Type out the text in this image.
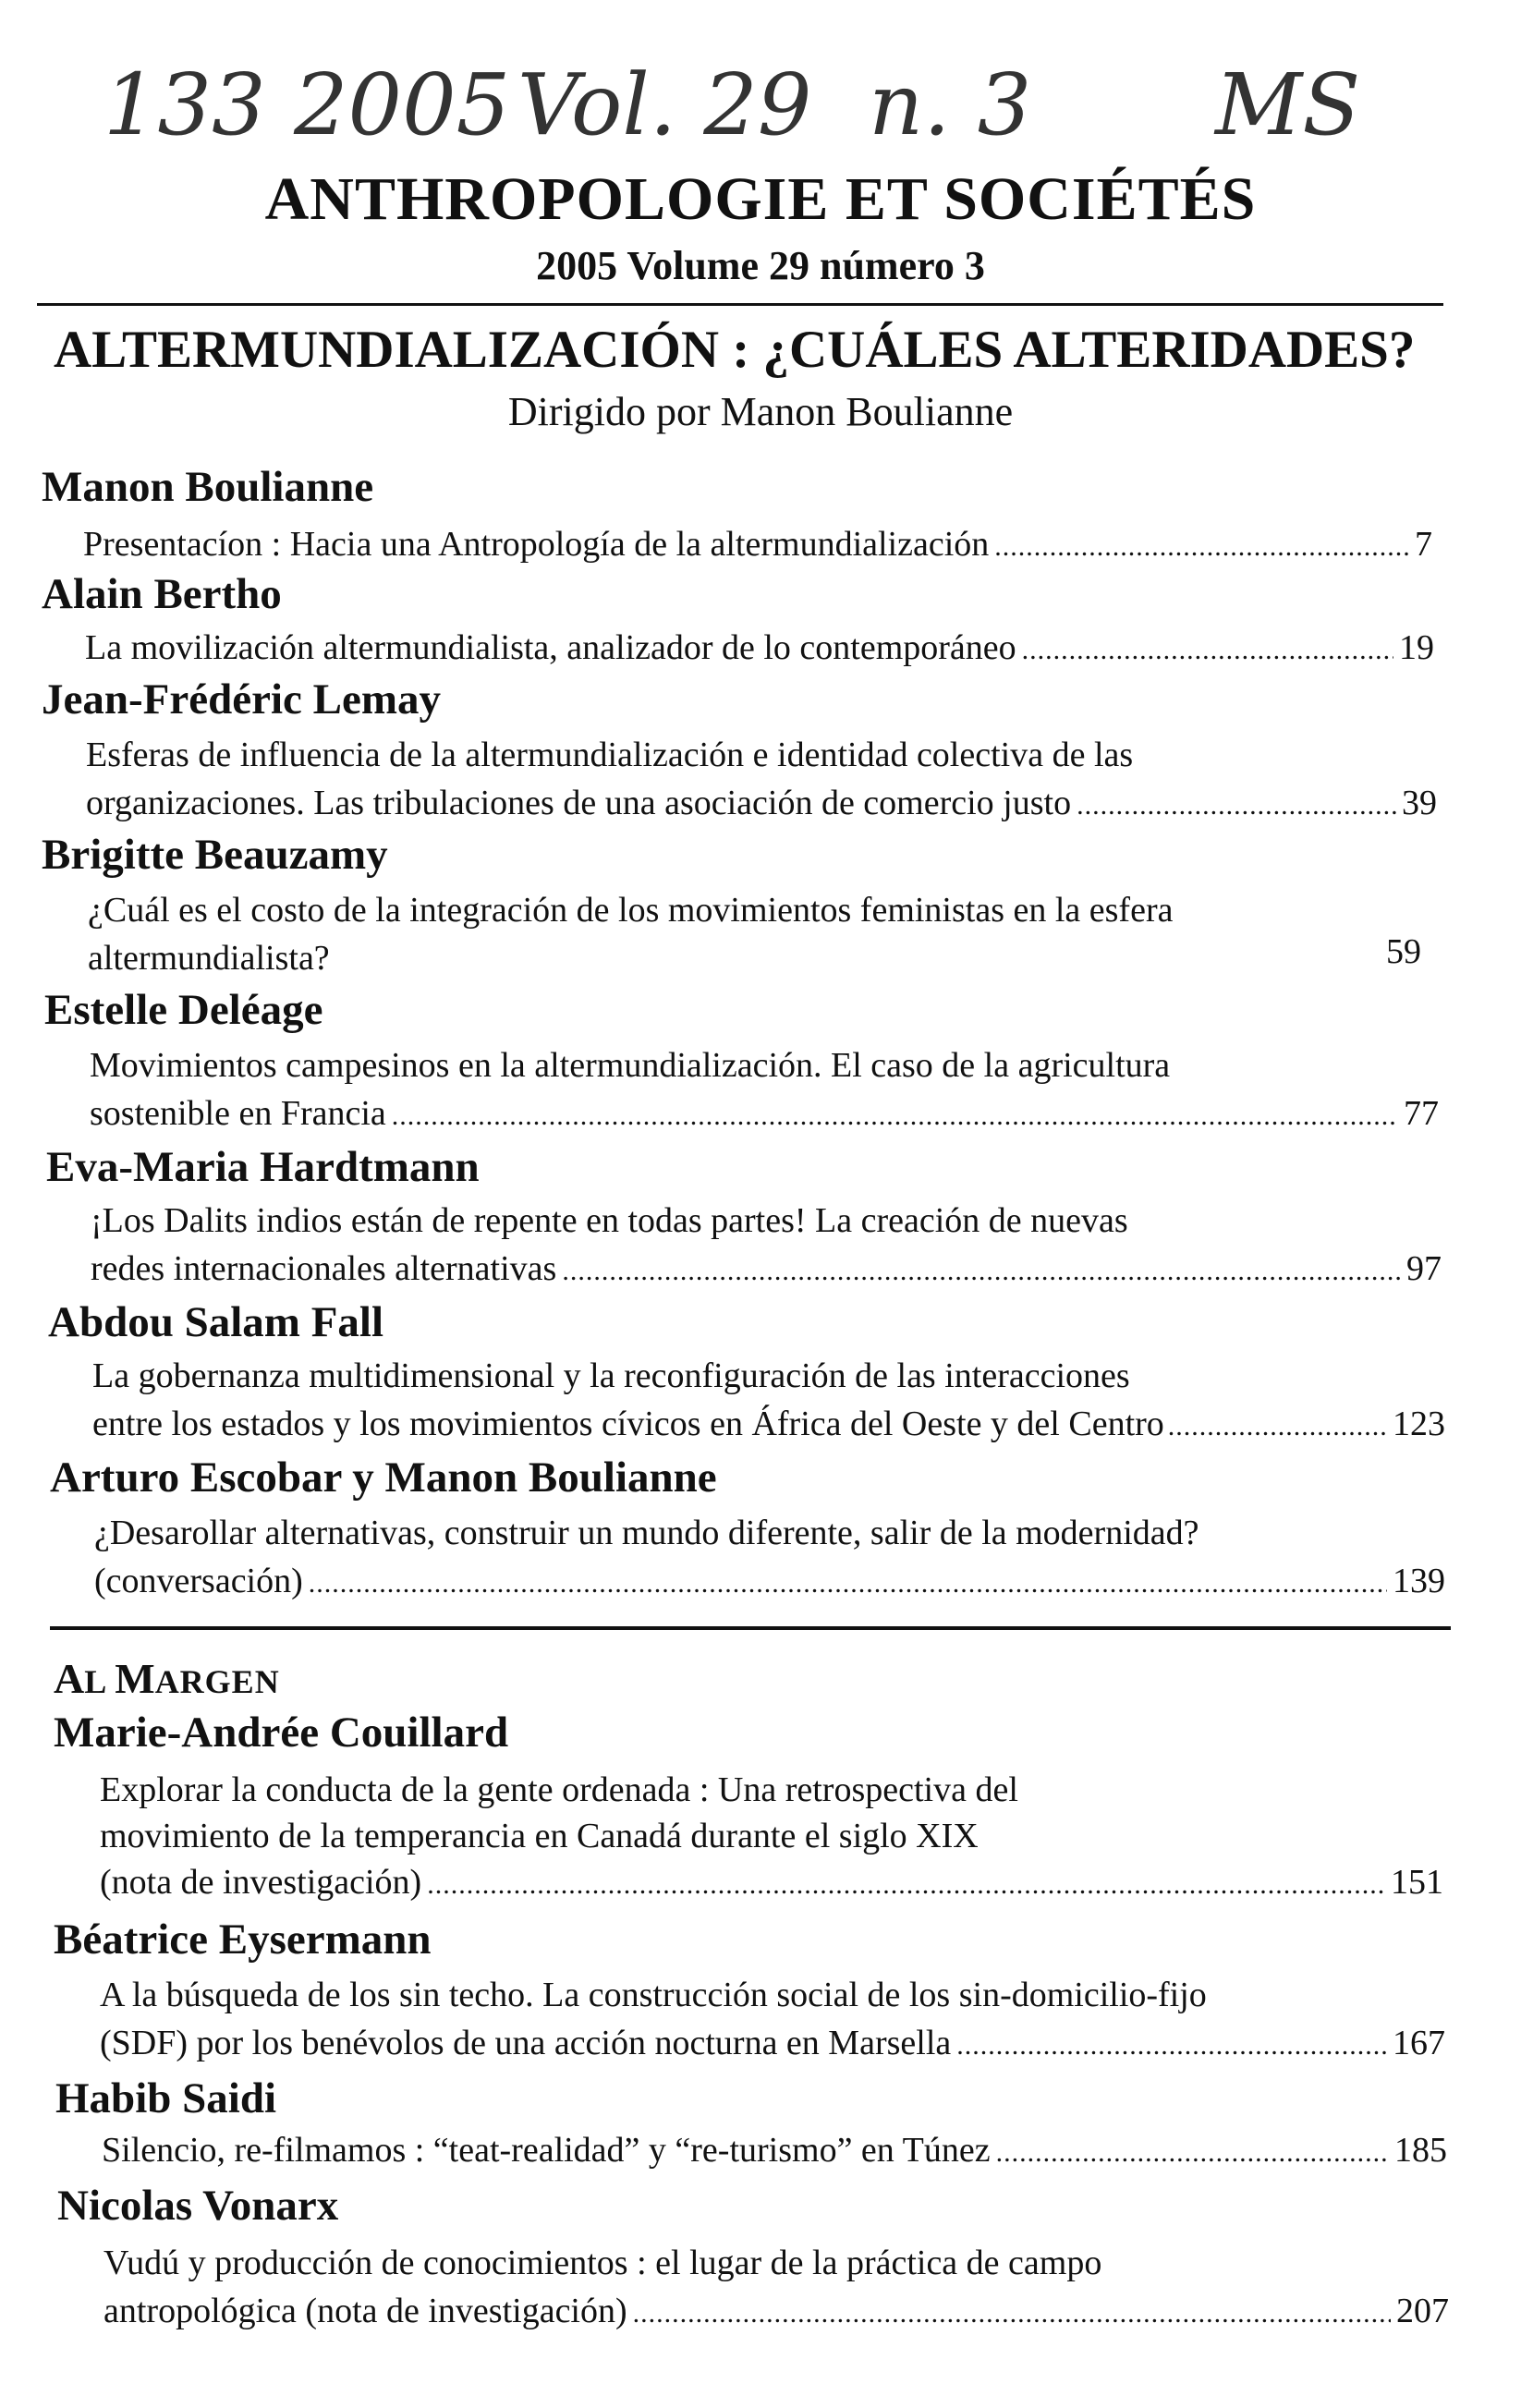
133 2005 Vol. 29 n. 3 MS
ANTHROPOLOGIE ET SOCIÉTÉS
2005 Volume 29 número 3
ALTERMUNDIALIZACIÓN : ¿CUÁLES ALTERIDADES?
Dirigido por Manon Boulianne
Manon Boulianne
Presentacíon : Hacia una Antropología de la altermundialización .....	7
Alain Bertho
La movilización altermundialista, analizador de lo contemporáneo .....	19
Jean-Frédéric Lemay
Esferas de influencia de la altermundialización e identidad colectiva de las
organizaciones. Las tribulaciones de una asociación de comercio justo .....	39
Brigitte Beauzamy
¿Cuál es el costo de la integración de los movimientos feministas en la esfera
altermundialista?	59
Estelle Deléage
Movimientos campesinos en la altermundialización. El caso de la agricultura
sostenible en Francia .....	77
Eva-Maria Hardtmann
¡Los Dalits indios están de repente en todas partes! La creación de nuevas
redes internacionales alternativas .....	97
Abdou Salam Fall
La gobernanza multidimensional y la reconfiguración de las interacciones
entre los estados y los movimientos cívicos en África del Oeste y del Centro .....	123
Arturo Escobar y Manon Boulianne
¿Desarollar alternativas, construir un mundo diferente, salir de la modernidad?
(conversación) .....	139
AL MARGEN
Marie-Andrée Couillard
Explorar la conducta de la gente ordenada : Una retrospectiva del
movimiento de la temperancia en Canadá durante el siglo XIX
(nota de investigación) .....	151
Béatrice Eysermann
A la búsqueda de los sin techo. La construcción social de los sin-domicilio-fijo
(SDF) por los benévolos de una acción nocturna en Marsella .....	167
Habib Saidi
Silencio, re-filmamos : “teat-realidad” y “re-turismo” en Túnez .....	185
Nicolas Vonarx
Vudú y producción de conocimientos : el lugar de la práctica de campo
antropológica (nota de investigación) .....	207
